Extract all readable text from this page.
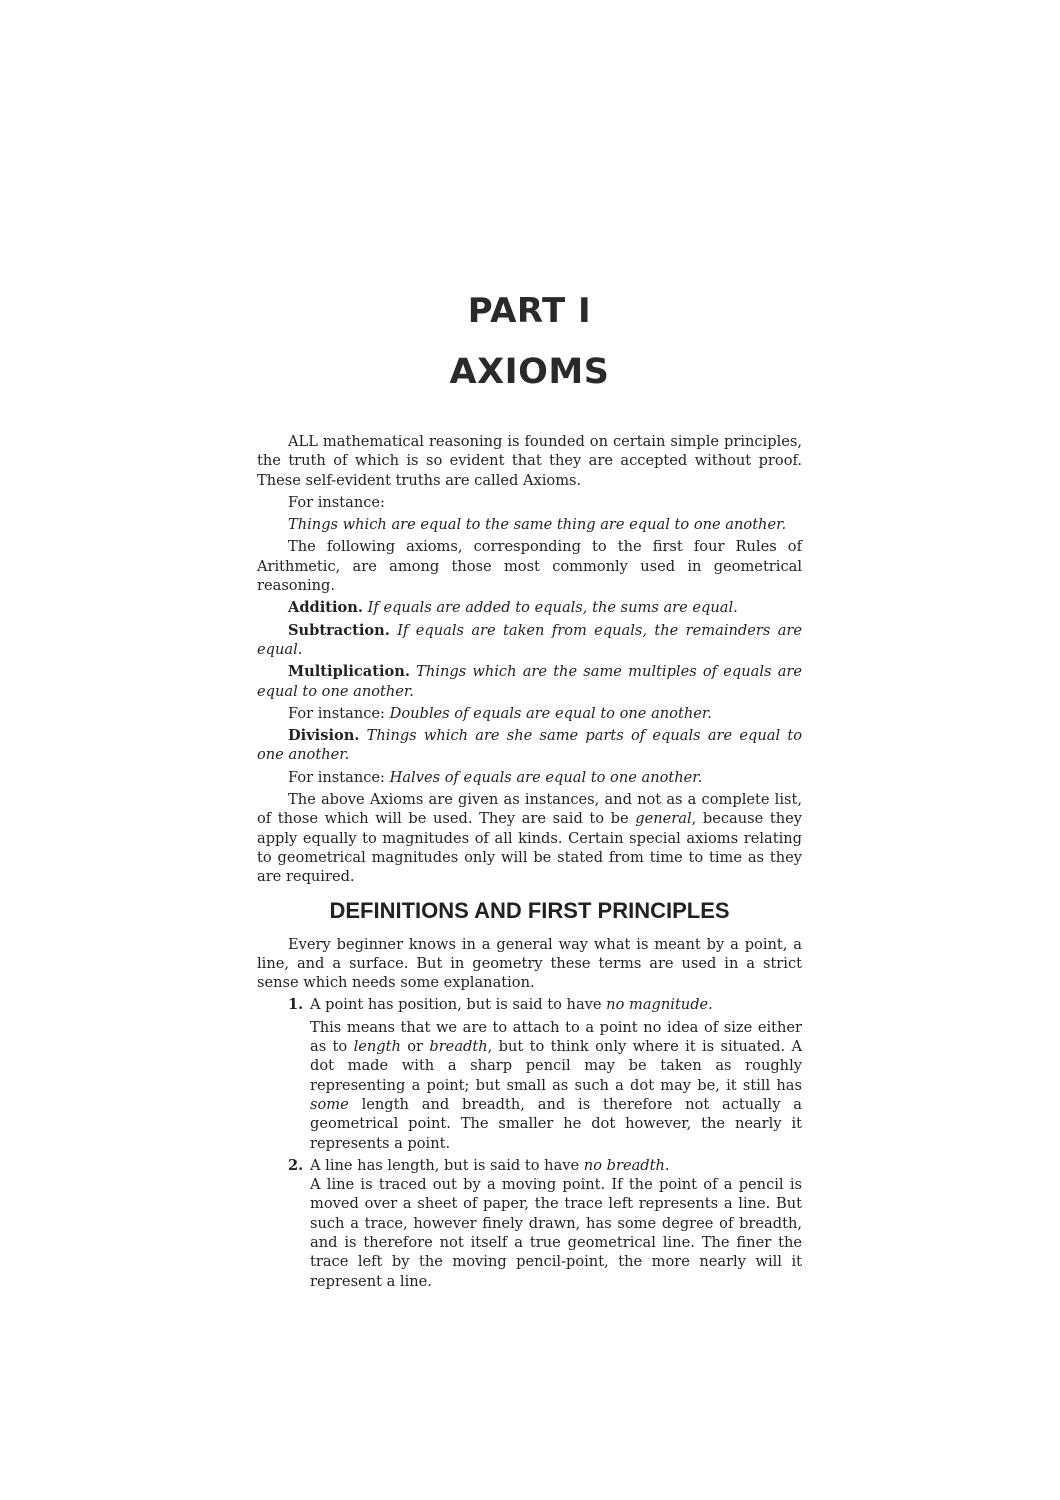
PART I
AXIOMS

ALL mathematical reasoning is founded on certain simple principles, the truth of which is so evident that they are accepted without proof. These self-evident truths are called Axioms.

For instance:

Things which are equal to the same thing are equal to one another.

The following axioms, corresponding to the first four Rules of Arithmetic, are among those most commonly used in geometrical reasoning.

Addition. If equals are added to equals, the sums are equal.

Subtraction. If equals are taken from equals, the remainders are equal.

Multiplication. Things which are the same multiples of equals are equal to one another.

For instance: Doubles of equals are equal to one another.

Division. Things which are she same parts of equals are equal to one another.

For instance: Halves of equals are equal to one another.

The above Axioms are given as instances, and not as a complete list, of those which will be used. They are said to be general, because they apply equally to magnitudes of all kinds. Certain special axioms relating to geometrical magnitudes only will be stated from time to time as they are required.

DEFINITIONS AND FIRST PRINCIPLES

Every beginner knows in a general way what is meant by a point, a line, and a surface. But in geometry these terms are used in a strict sense which needs some explanation.

1. A point has position, but is said to have no magnitude.

This means that we are to attach to a point no idea of size either as to length or breadth, but to think only where it is situated. A dot made with a sharp pencil may be taken as roughly representing a point; but small as such a dot may be, it still has some length and breadth, and is therefore not actually a geometrical point. The smaller he dot however, the nearly it represents a point.

2. A line has length, but is said to have no breadth.

A line is traced out by a moving point. If the point of a pencil is moved over a sheet of paper, the trace left represents a line. But such a trace, however finely drawn, has some degree of breadth, and is therefore not itself a true geometrical line. The finer the trace left by the moving pencil-point, the more nearly will it represent a line.
